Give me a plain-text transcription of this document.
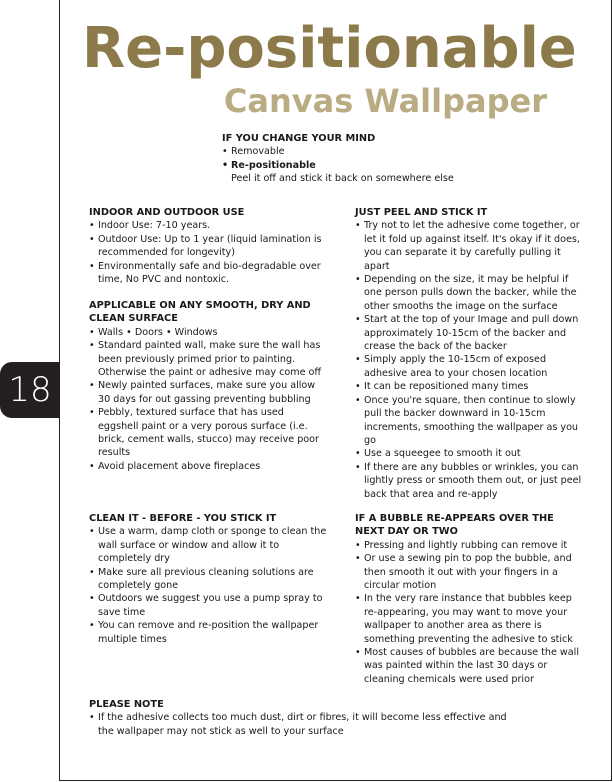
18
Re-positionable
Canvas Wallpaper
IF YOU CHANGE YOUR MIND
• Removable
• Re-positionable
Peel it off and stick it back on somewhere else
INDOOR AND OUTDOOR USE
• Indoor Use: 7-10 years.
• Outdoor Use: Up to 1 year (liquid lamination is recommended for longevity)
• Environmentally safe and bio-degradable over time, No PVC and nontoxic.
APPLICABLE ON ANY SMOOTH, DRY AND CLEAN SURFACE
• Walls • Doors • Windows
• Standard painted wall, make sure the wall has been previously primed prior to painting. Otherwise the paint or adhesive may come off
• Newly painted surfaces, make sure you allow 30 days for out gassing preventing bubbling
• Pebbly, textured surface that has used eggshell paint or a very porous surface (i.e. brick, cement walls, stucco) may receive poor results
• Avoid placement above fireplaces
CLEAN IT - BEFORE - YOU STICK IT
• Use a warm, damp cloth or sponge to clean the wall surface or window and allow it to completely dry
• Make sure all previous cleaning solutions are completely gone
• Outdoors we suggest you use a pump spray to save time
• You can remove and re-position the wallpaper multiple times
JUST PEEL AND STICK IT
• Try not to let the adhesive come together, or let it fold up against itself. It's okay if it does, you can separate it by carefully pulling it apart
• Depending on the size, it may be helpful if one person pulls down the backer, while the other smooths the image on the surface
• Start at the top of your Image and pull down approximately 10-15cm of the backer and crease the back of the backer
• Simply apply the 10-15cm of exposed adhesive area to your chosen location
• It can be repositioned many times
• Once you're square, then continue to slowly pull the backer downward in 10-15cm increments, smoothing the wallpaper as you go
• Use a squeegee to smooth it out
• If there are any bubbles or wrinkles, you can lightly press or smooth them out, or just peel back that area and re-apply
IF A BUBBLE RE-APPEARS OVER THE NEXT DAY OR TWO
• Pressing and lightly rubbing can remove it
• Or use a sewing pin to pop the bubble, and then smooth it out with your fingers in a circular motion
• In the very rare instance that bubbles keep re-appearing, you may want to move your wallpaper to another area as there is something preventing the adhesive to stick
• Most causes of bubbles are because the wall was painted within the last 30 days or cleaning chemicals were used prior
PLEASE NOTE
• If the adhesive collects too much dust, dirt or fibres, it will become less effective and the wallpaper may not stick as well to your surface
